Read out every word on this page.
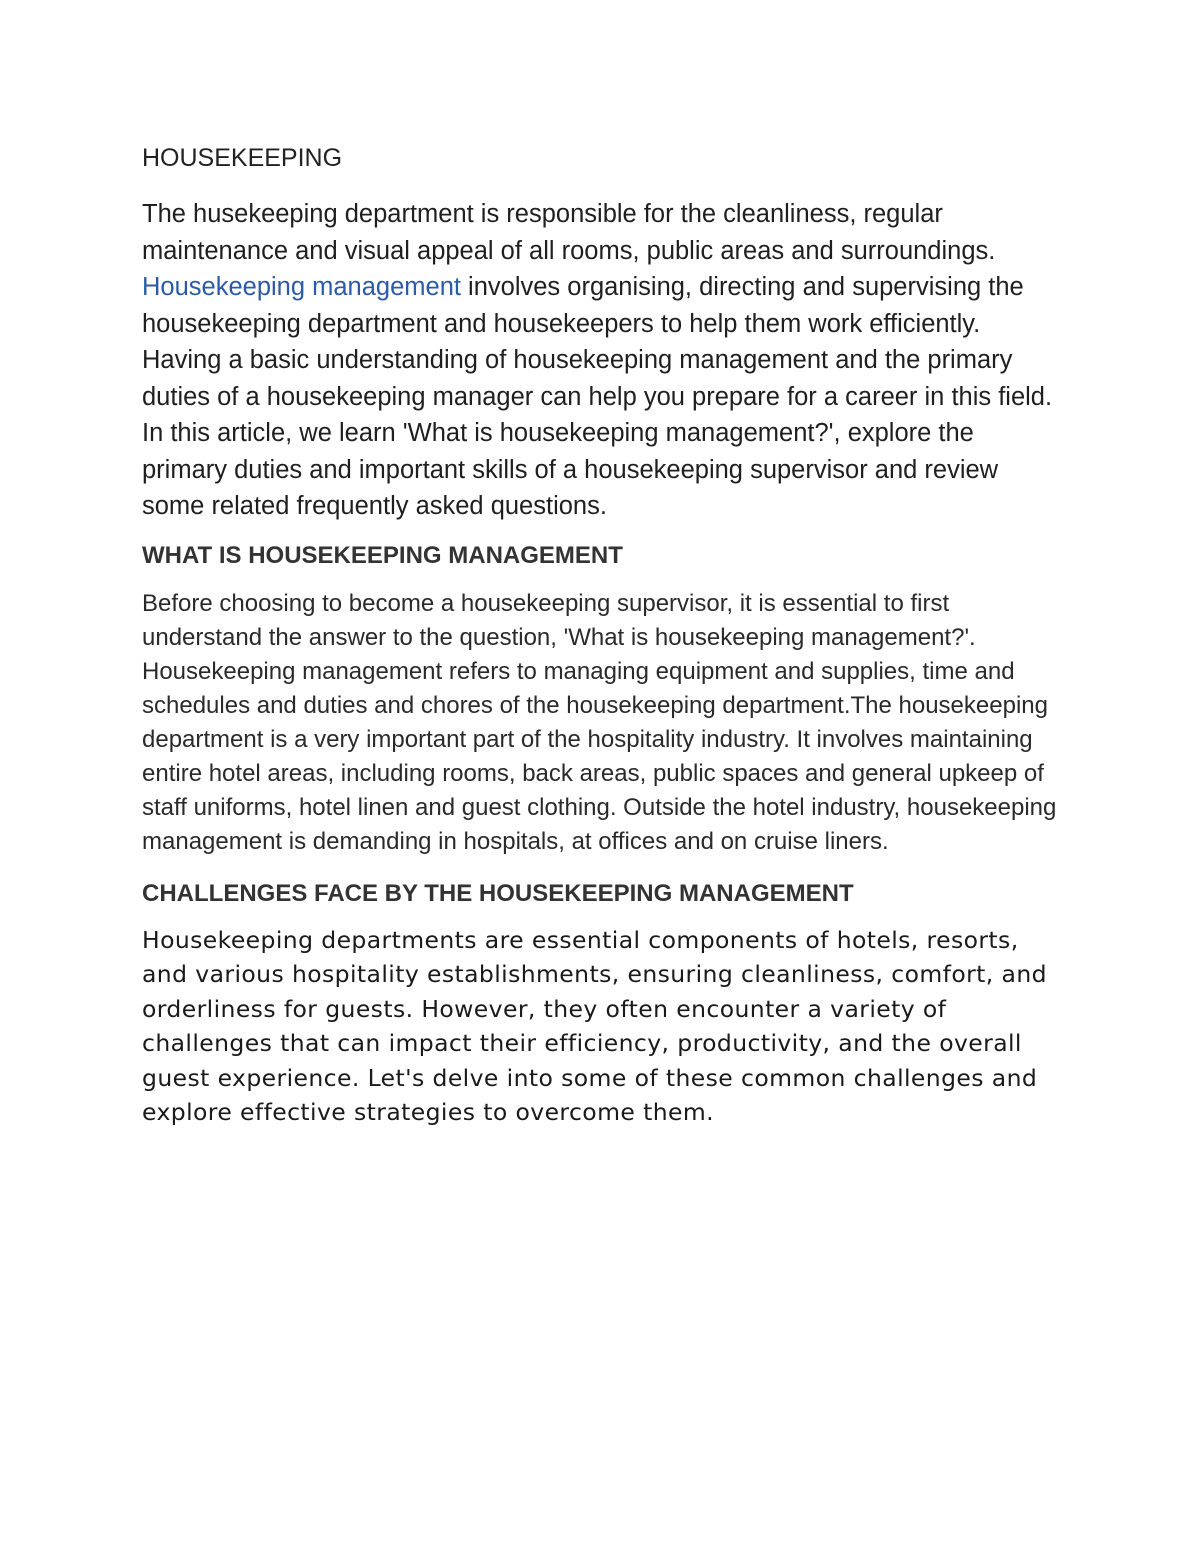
HOUSEKEEPING

The husekeeping department is responsible for the cleanliness, regular maintenance and visual appeal of all rooms, public areas and surroundings. Housekeeping management involves organising, directing and supervising the housekeeping department and housekeepers to help them work efficiently. Having a basic understanding of housekeeping management and the primary duties of a housekeeping manager can help you prepare for a career in this field. In this article, we learn 'What is housekeeping management?', explore the primary duties and important skills of a housekeeping supervisor and review some related frequently asked questions.

WHAT IS HOUSEKEEPING MANAGEMENT

Before choosing to become a housekeeping supervisor, it is essential to first understand the answer to the question, 'What is housekeeping management?'. Housekeeping management refers to managing equipment and supplies, time and schedules and duties and chores of the housekeeping department.The housekeeping department is a very important part of the hospitality industry. It involves maintaining entire hotel areas, including rooms, back areas, public spaces and general upkeep of staff uniforms, hotel linen and guest clothing. Outside the hotel industry, housekeeping management is demanding in hospitals, at offices and on cruise liners.

CHALLENGES FACE BY THE HOUSEKEEPING MANAGEMENT

Housekeeping departments are essential components of hotels, resorts, and various hospitality establishments, ensuring cleanliness, comfort, and orderliness for guests. However, they often encounter a variety of challenges that can impact their efficiency, productivity, and the overall guest experience. Let's delve into some of these common challenges and explore effective strategies to overcome them.
